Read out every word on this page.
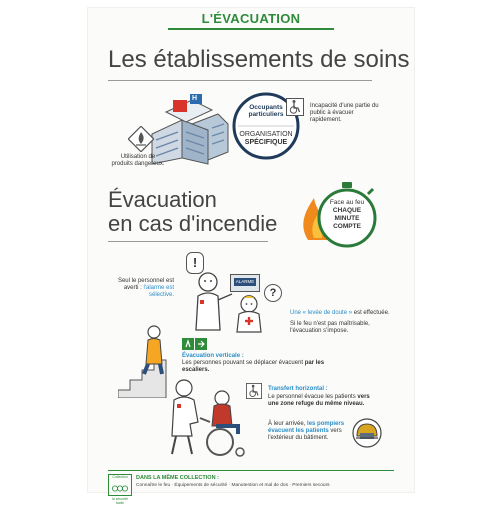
L'ÉVACUATION
Les établissements de soins
H
Utilisation de produits dangereux.
Occupants particuliers
ORGANISATION
SPÉCIFIQUE
Incapacité d'une partie du public à évacuer rapidement.
Évacuation
en cas d'incendie
Face au feu
CHAQUE
MINUTE
COMPTE
Seul le personnel est averti : l'alarme est sélective.
!
ALARME
?
Une « levée de doute » est effectuée.
Si le feu n'est pas maîtrisable, l'évacuation s'impose.
Évacuation verticale :
Les personnes pouvant se déplacer évacuent par les escaliers.
Transfert horizontal :
Le personnel évacue les patients vers une zone refuge du même niveau.
À leur arrivée, les pompiers évacuent les patients vers l'extérieur du bâtiment.
Collection
la sécurité facile
DANS LA MÊME COLLECTION :
Connaître le feu · Équipements de sécurité · Manutention et mal de dos · Premiers secours
